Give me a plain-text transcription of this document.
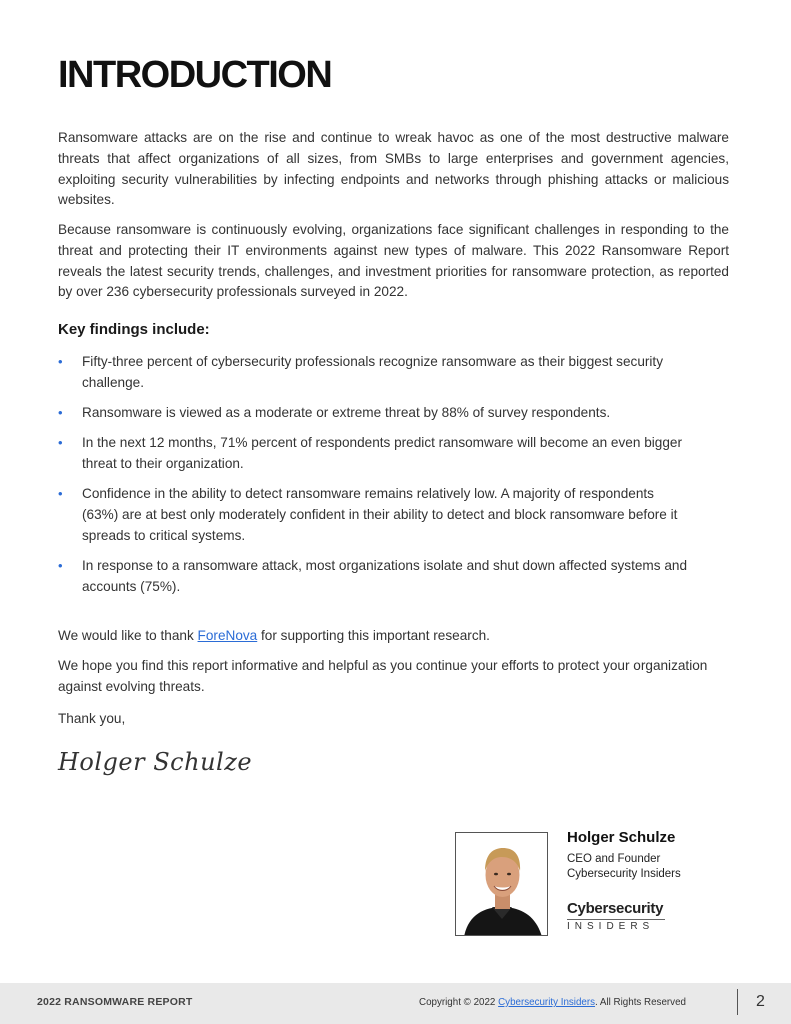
INTRODUCTION

Ransomware attacks are on the rise and continue to wreak havoc as one of the most destructive malware threats that affect organizations of all sizes, from SMBs to large enterprises and government agencies, exploiting security vulnerabilities by infecting endpoints and networks through phishing attacks or malicious websites.

Because ransomware is continuously evolving, organizations face significant challenges in responding to the threat and protecting their IT environments against new types of malware. This 2022 Ransomware Report reveals the latest security trends, challenges, and investment priorities for ransomware protection, as reported by over 236 cybersecurity professionals surveyed in 2022.

Key findings include:
• Fifty-three percent of cybersecurity professionals recognize ransomware as their biggest security challenge.
• Ransomware is viewed as a moderate or extreme threat by 88% of survey respondents.
• In the next 12 months, 71% percent of respondents predict ransomware will become an even bigger threat to their organization.
• Confidence in the ability to detect ransomware remains relatively low. A majority of respondents (63%) are at best only moderately confident in their ability to detect and block ransomware before it spreads to critical systems.
• In response to a ransomware attack, most organizations isolate and shut down affected systems and accounts (75%).

We would like to thank ForeNova for supporting this important research.

We hope you find this report informative and helpful as you continue your efforts to protect your organization against evolving threats.

Thank you,

Holger Schulze
Holger Schulze
CEO and Founder
Cybersecurity Insiders
Cybersecurity
INSIDERS
2022 RANSOMWARE REPORT	Copyright © 2022 Cybersecurity Insiders. All Rights Reserved	2
